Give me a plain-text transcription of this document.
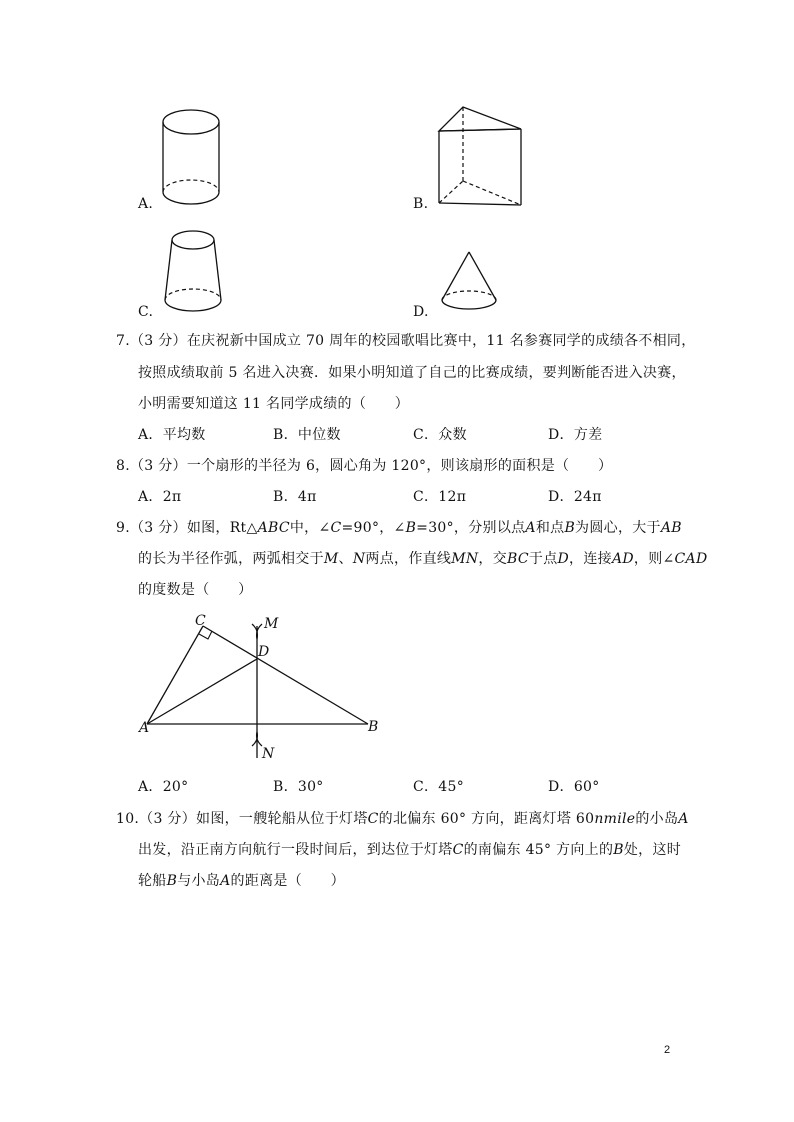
A.	B.
C.	D.
7.（3 分）在庆祝新中国成立 70 周年的校园歌唱比赛中，11 名参赛同学的成绩各不相同，
按照成绩取前 5 名进入决赛．如果小明知道了自己的比赛成绩，要判断能否进入决赛，
小明需要知道这 11 名同学成绩的（　　）
A．平均数	B．中位数	C．众数	D．方差
8.（3 分）一个扇形的半径为 6，圆心角为 120°，则该扇形的面积是（　　）
A．2π	B．4π	C．12π	D．24π
9.（3 分）如图，Rt△ABC中，∠C=90°，∠B=30°，分别以点A和点B为圆心，大于AB
的长为半径作弧，两弧相交于M、N两点，作直线MN，交BC于点D，连接AD，则∠CAD
的度数是（　　）
C	M
D
A	B
N
A．20°	B．30°	C．45°	D．60°
10.（3 分）如图，一艘轮船从位于灯塔C的北偏东 60° 方向，距离灯塔 60nmile的小岛A
出发，沿正南方向航行一段时间后，到达位于灯塔C的南偏东 45° 方向上的B处，这时
轮船B与小岛A的距离是（　　）
2
